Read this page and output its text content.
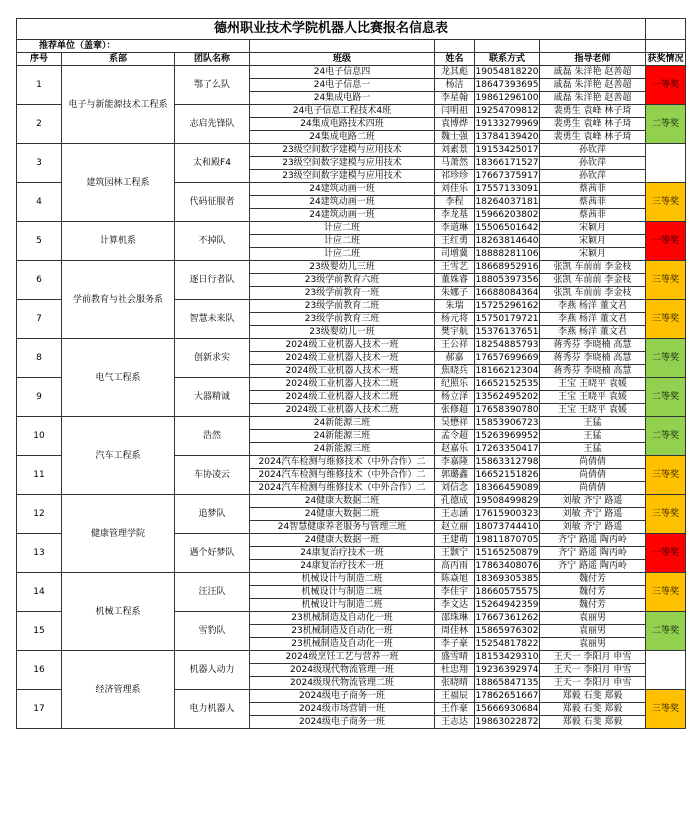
德州职业技术学院机器人比赛报名信息表							
推荐单位（盖章）：							
序号	系部	团队名称	班级	姓名	联系方式	指导老师	获奖情况
1	电子与新能源技术工程系	鄂了么队	24电子信息四	龙其彪	19054818220	戚磊 朱洋艳 赵善超	一等奖
			24电子信息一	杨洁	18647393695	戚磊 朱洋艳 赵善超	
			24集成电路一	李星翰	19861296100	戚磊 朱洋艳 赵善超	
2		志启先锋队	24电子信息工程技术4班	闫明祖	19254709812	裴勇生 袁峰 林子琦	二等奖
			24集成电路技术四班	袁博烨	19133279969	裴勇生 袁峰 林子琦	
			24集成电路二班	魏士强	13784139420	裴勇生 袁峰 林子琦	
3	建筑园林工程系	太和殿F4	23级空间数字建模与应用技术	刘素景	19153425017	孙钦萍	
			23级空间数字建模与应用技术	马萧然	18366171527	孙钦萍	
			23级空间数字建模与应用技术	祁珍珍	17667375917	孙钦萍	
4		代码征服者	24建筑动画一班	刘佳乐	17557133091	蔡茜菲	三等奖
			24建筑动画一班	李程	18264037181	蔡茜菲	
			24建筑动画一班	李龙基	15966203802	蔡茜菲	
5	计算机系	不掉队	计应二班	李道琳	15506501642	宋颖月	一等奖
			计应二班	王红勇	18263814640	宋颖月	
			计应二班	司增冀	18888281106	宋颖月	
6	学前教育与社会服务系	逐日行者队	23级婴幼儿三班	王雪艺	18668952916	张凯 车前前 李金枝	三等奖
			23级学前教育六班	董姝睿	18805397356	张凯 车前前 李金枝	
			23级学前教育一班	朱娜子	16688084364	张凯 车前前 李金枝	
7		智慧未来队	23级学前教育二班	朱瑞	15725296162	李燕 杨洋 董文君	三等奖
			23级学前教育三班	杨元将	15750179721	李燕 杨洋 董文君	
			23级婴幼儿一班	樊宇航	15376137651	李燕 杨洋 董文君	
8	电气工程系	创新求实	2024级工业机器人技术一班	王公祥	18254885793	蒋秀芬 李晓楠 高慧	二等奖
			2024级工业机器人技术一班	郝嘉	17657699669	蒋秀芬 李晓楠 高慧	
			2024级工业机器人技术一班	焦晓兵	18166212304	蒋秀芬 李晓楠 高慧	
9		大器精诚	2024级工业机器人技术二班	纪照乐	16652152535	王宝 王晓平 袁媛	二等奖
			2024级工业机器人技术二班	杨立泽	13562495202	王宝 王晓平 袁媛	
			2024级工业机器人技术二班	张修超	17658390780	王宝 王晓平 袁媛	
10	汽车工程系	浩然	24新能源三班	吴懋祥	15853906723	王猛	二等奖
			24新能源三班	孟令超	15263969952	王猛	
			24新能源三班	赵嘉乐	17263350417	王猛	
11		车协凌云	2024汽车检测与维修技术（中外合作）二	李嘉隆	15863312798	尚倩倩	三等奖
			2024汽车检测与维修技术（中外合作）二	郭璐鑫	16652151826	尚倩倩	
			2024汽车检测与维修技术（中外合作）二	刘信念	18366459089	尚倩倩	
12	健康管理学院	追梦队	24健康大数据二班	孔德成	19508499829	刘敏 齐宁 路遥	三等奖
			24健康大数据二班	王志涵	17615900323	刘敏 齐宁 路遥	
			24智慧健康养老服务与管理三班	赵立丽	18073744410	刘敏 齐宁 路遥	
13		遇个好梦队	24健康大数据一班	王建萌	19811870705	齐宁 路遥 陶丙岭	一等奖
			24康复治疗技术一班	王颢宁	15165250879	齐宁 路遥 陶丙岭	
			24康复治疗技术一班	高丙雨	17863408076	齐宁 路遥 陶丙岭	
14	机械工程系	汪汪队	机械设计与制造二班	陈焱旭	18369305385	魏付芳	三等奖
			机械设计与制造二班	李佳宇	18660575575	魏付芳	
			机械设计与制造二班	李文达	15264942359	魏付芳	
15		雪豹队	23机械制造及自动化一班	邵珠琳	17667361262	袁丽男	二等奖
			23机械制造及自动化一班	周佳林	15865976302	袁丽男	
			23机械制造及自动化一班	李子豪	15254817822	袁丽男	
16	经济管理系	机器人动力	2024级烹饪工艺与营养一班	盛雪晴	18153429310	王天一 李阳月 申雪	
			2024级现代物流管理一班	杜忠翔	19236392974	王天一 李阳月 申雪	
			2024级现代物流管理二班	张晓晴	18865847135	王天一 李阳月 申雪	
17		电力机器人	2024级电子商务一班	王福辰	17862651667	郑毅 石斐 郑毅	三等奖
			2024级市场营销一班	王作豪	15666930684	郑毅 石斐 郑毅	
			2024级电子商务一班	王志达	19863022872	郑毅 石斐 郑毅	
